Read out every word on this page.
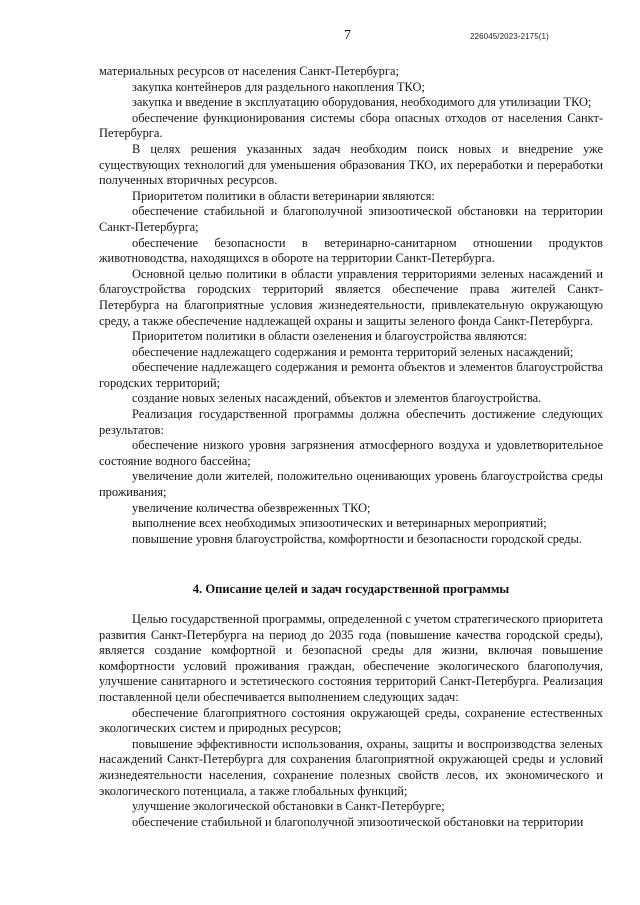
7	226045/2023-2175(1)

материальных ресурсов от населения Санкт-Петербурга;

закупка контейнеров для раздельного накопления ТКО;

закупка и введение в эксплуатацию оборудования, необходимого для утилизации ТКО;

обеспечение функционирования системы сбора опасных отходов от населения Санкт-Петербурга.

В целях решения указанных задач необходим поиск новых и внедрение уже существующих технологий для уменьшения образования ТКО, их переработки и переработки полученных вторичных ресурсов.

Приоритетом политики в области ветеринарии являются:

обеспечение стабильной и благополучной эпизоотической обстановки на территории Санкт-Петербурга;

обеспечение безопасности в ветеринарно-санитарном отношении продуктов животноводства, находящихся в обороте на территории Санкт-Петербурга.

Основной целью политики в области управления территориями зеленых насаждений и благоустройства городских территорий является обеспечение права жителей Санкт-Петербурга на благоприятные условия жизнедеятельности, привлекательную окружающую среду, а также обеспечение надлежащей охраны и защиты зеленого фонда Санкт-Петербурга.

Приоритетом политики в области озеленения и благоустройства являются:

обеспечение надлежащего содержания и ремонта территорий зеленых насаждений;

обеспечение надлежащего содержания и ремонта объектов и элементов благоустройства городских территорий;

создание новых зеленых насаждений, объектов и элементов благоустройства.

Реализация государственной программы должна обеспечить достижение следующих результатов:

обеспечение низкого уровня загрязнения атмосферного воздуха и удовлетворительное состояние водного бассейна;

увеличение доли жителей, положительно оценивающих уровень благоустройства среды проживания;

увеличение количества обезвреженных ТКО;

выполнение всех необходимых эпизоотических и ветеринарных мероприятий;

повышение уровня благоустройства, комфортности и безопасности городской среды.

4. Описание целей и задач государственной программы

Целью государственной программы, определенной с учетом стратегического приоритета развития Санкт-Петербурга на период до 2035 года (повышение качества городской среды), является создание комфортной и безопасной среды для жизни, включая повышение комфортности условий проживания граждан, обеспечение экологического благополучия, улучшение санитарного и эстетического состояния территорий Санкт-Петербурга. Реализация поставленной цели обеспечивается выполнением следующих задач:

обеспечение благоприятного состояния окружающей среды, сохранение естественных экологических систем и природных ресурсов;

повышение эффективности использования, охраны, защиты и воспроизводства зеленых насаждений Санкт-Петербурга для сохранения благоприятной окружающей среды и условий жизнедеятельности населения, сохранение полезных свойств лесов, их экономического и экологического потенциала, а также глобальных функций;

улучшение экологической обстановки в Санкт-Петербурге;

обеспечение стабильной и благополучной эпизоотической обстановки на территории
